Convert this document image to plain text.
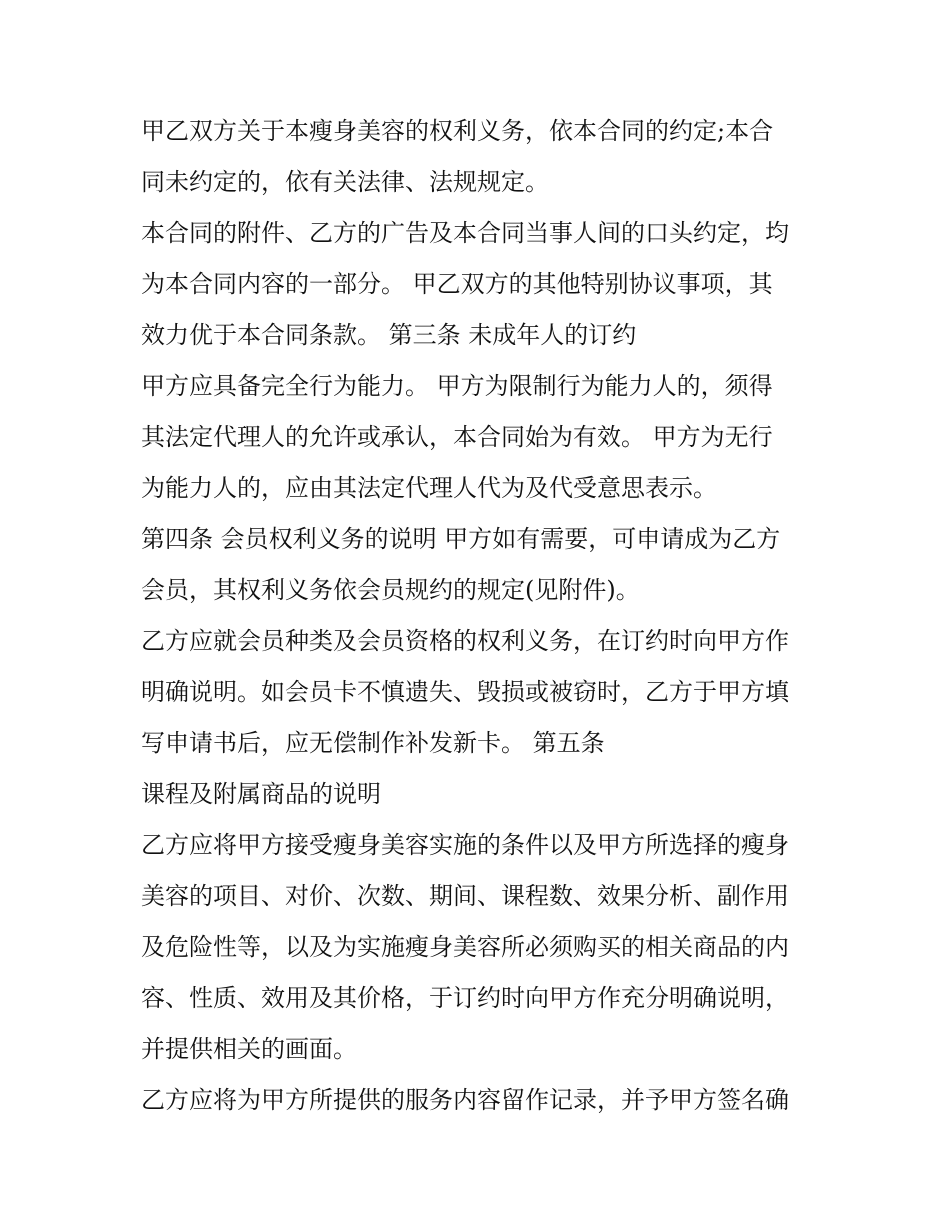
甲乙双方关于本瘦身美容的权利义务，依本合同的约定;本合
同未约定的，依有关法律、法规规定。
本合同的附件、乙方的广告及本合同当事人间的口头约定，均
为本合同内容的一部分。 甲乙双方的其他特别协议事项，其
效力优于本合同条款。 第三条 未成年人的订约
甲方应具备完全行为能力。 甲方为限制行为能力人的，须得
其法定代理人的允许或承认，本合同始为有效。 甲方为无行
为能力人的，应由其法定代理人代为及代受意思表示。
第四条 会员权利义务的说明 甲方如有需要，可申请成为乙方
会员，其权利义务依会员规约的规定(见附件)。
乙方应就会员种类及会员资格的权利义务，在订约时向甲方作
明确说明。如会员卡不慎遗失、毁损或被窃时，乙方于甲方填
写申请书后，应无偿制作补发新卡。 第五条
课程及附属商品的说明
乙方应将甲方接受瘦身美容实施的条件以及甲方所选择的瘦身
美容的项目、对价、次数、期间、课程数、效果分析、副作用
及危险性等，以及为实施瘦身美容所必须购买的相关商品的内
容、性质、效用及其价格，于订约时向甲方作充分明确说明，
并提供相关的画面。
乙方应将为甲方所提供的服务内容留作记录，并予甲方签名确
